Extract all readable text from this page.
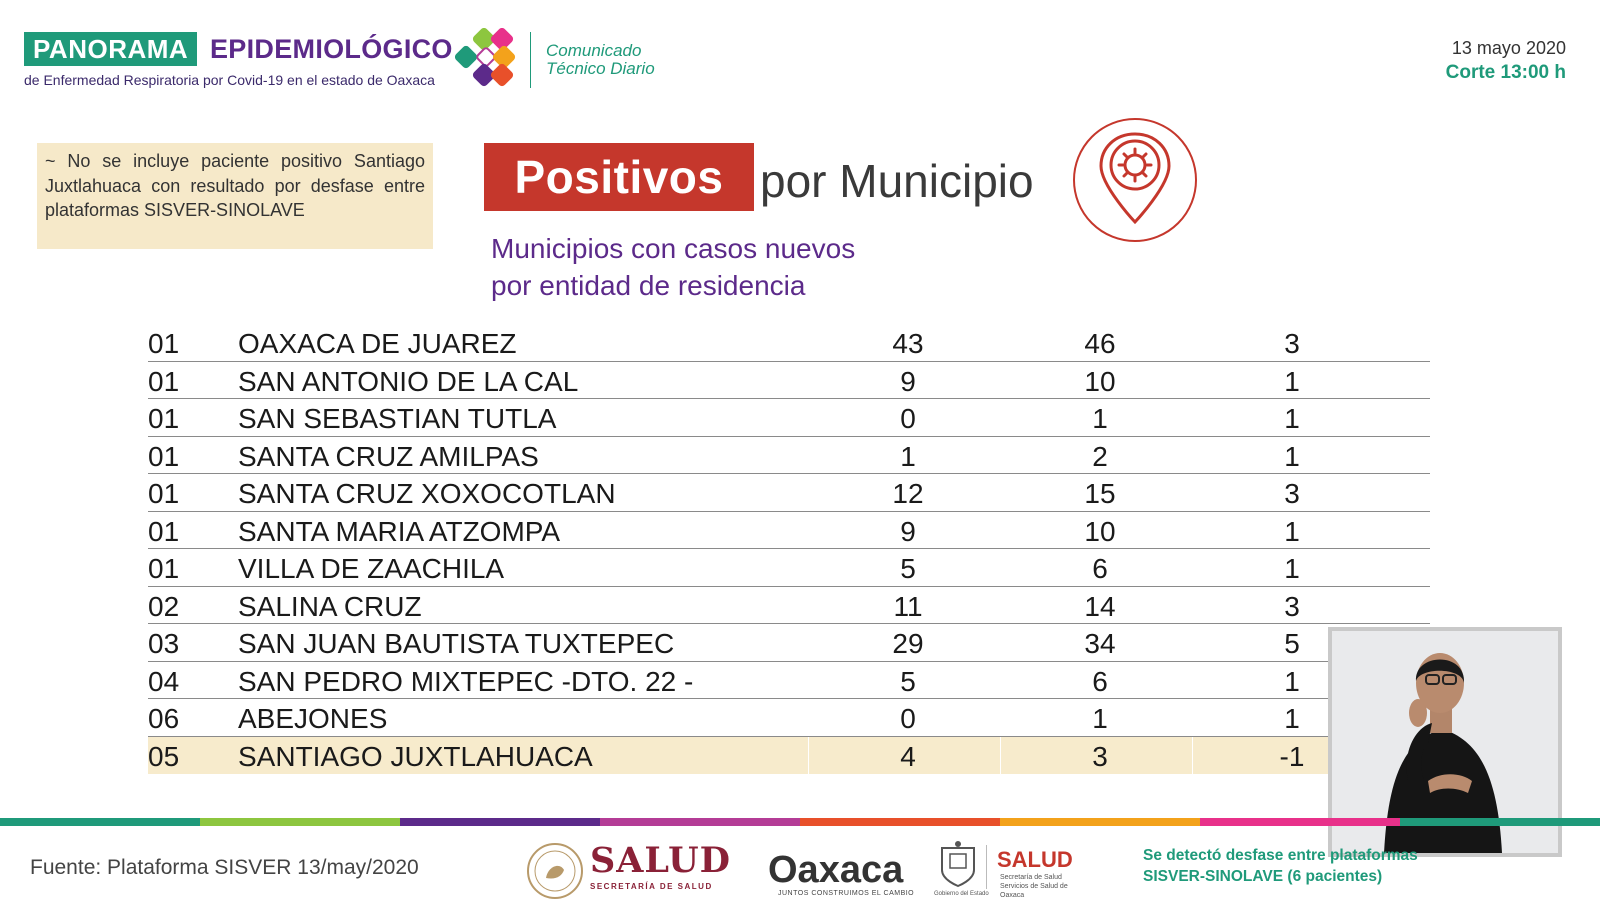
PANORAMA EPIDEMIOLÓGICO
de Enfermedad Respiratoria por Covid-19 en el estado de Oaxaca
Comunicado
Técnico Diario
13 mayo 2020
Corte 13:00 h
~ No se incluye paciente positivo Santiago Juxtlahuaca con resultado por desfase entre plataformas SISVER-SINOLAVE
Positivos por Municipio
Municipios con casos nuevos
por entidad de residencia
01 OAXACA DE JUAREZ	43	46	3
01 SAN ANTONIO DE LA CAL	9	10	1
01 SAN SEBASTIAN TUTLA	0	1	1
01 SANTA CRUZ AMILPAS	1	2	1
01 SANTA CRUZ XOXOCOTLAN	12	15	3
01 SANTA MARIA ATZOMPA	9	10	1
01 VILLA DE ZAACHILA	5	6	1
02 SALINA CRUZ	11	14	3
03 SAN JUAN BAUTISTA TUXTEPEC	29	34	5
04 SAN PEDRO MIXTEPEC -DTO. 22 -	5	6	1
06 ABEJONES	0	1	1
05 SANTIAGO JUXTLAHUACA	4	3	-1
Fuente: Plataforma SISVER 13/may/2020	SALUD
SECRETARÍA DE SALUD Oaxaca
JUNTOS CONSTRUIMOS EL CAMBIO	Gobierno del Estado
SALUD
Secretaría de Salud Servicios de Salud de Oaxaca
Se detectó desfase entre plataformas
SISVER-SINOLAVE (6 pacientes)
